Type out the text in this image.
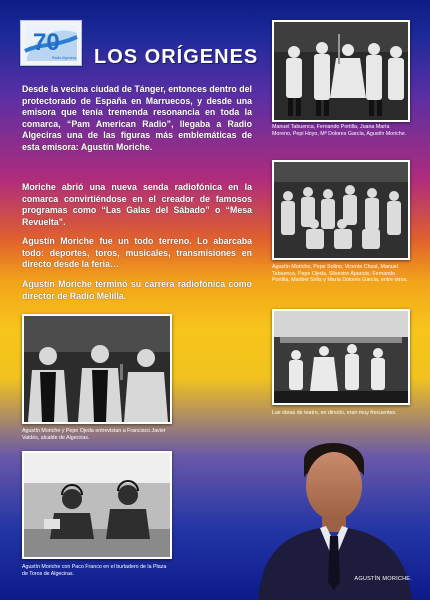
70
Radio Algeciras LOS ORÍGENES

Desde la vecina ciudad de Tánger, entonces dentro del protectorado de España en Marruecos, y desde una emisora que tenía tremenda resonancia en toda la comarca, “Pam American Radio”, llegaba a Radio Algeciras una de las figuras más emblemáticas de esta emisora: Agustín Moriche.

Moriche abrió una nueva senda radiofónica en la comarca convirtiéndose en el creador de famosos programas como “Las Galas del Sábado” o “Mesa Revuelta”.

Agustín Moriche fue un todo terreno. Lo abarcaba todo: deportes, toros, musicales, transmisiones en directo desde la feria…

Agustín Moriche terminó su carrera radiofónica como director de Radio Melilla.

Manuel Tabuenca, Fernando Portilla, Juana María Moreno, Pepi Hoyo, Mª Dolores García, Agustín Moriche.

Agustín Moriche, Pepe Solino, Vicente Chust, Manuel Tabuenca, Pepe Ojeda, Silvestre Aparicio, Fernando Portilla, Maribel Solís y María Dolores García, entre otros.

Las obras de teatro, en directo, eran muy frecuentes.

Agustín Moriche y Pepe Ojeda entrevistan a Francisco Javier Valdés, alcalde de Algeciras.

Agustín Moriche con Paco Franco en el burladero de la Plaza de Toros de Algeciras.

AGUSTÍN MORICHE.
